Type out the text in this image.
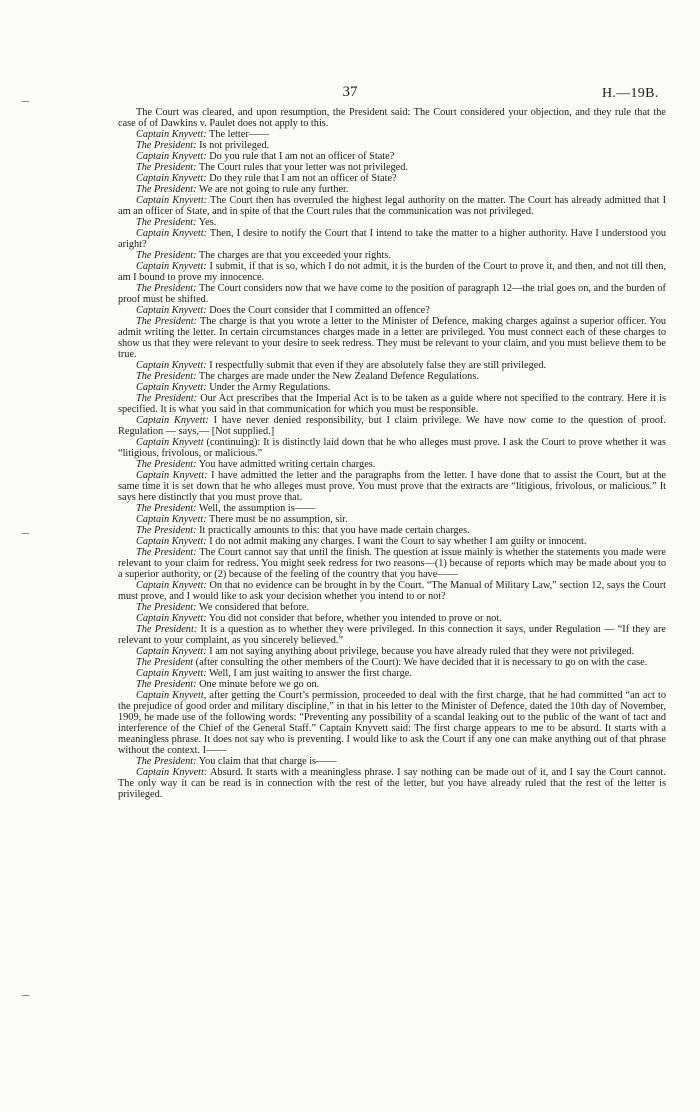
37	H.—19B.

The Court was cleared, and upon resumption, the President said: The Court considered your objection, and they rule that the case of of Dawkins v. Paulet does not apply to this.

Captain Knyvett: The letter——

The President: Is not privileged.

Captain Knyvett: Do you rule that I am not an officer of State?

The President: The Court rules that your letter was not privileged.

Captain Knyvett: Do they rule that I am not an officer of State?

The President: We are not going to rule any further.

Captain Knyvett: The Court then has overruled the highest legal authority on the matter. The Court has already admitted that I am an officer of State, and in spite of that the Court rules that the communication was not privileged.

The President: Yes.

Captain Knyvett: Then, I desire to notify the Court that I intend to take the matter to a higher authority. Have I understood you aright?

The President: The charges are that you exceeded your rights.

Captain Knyvett: I submit, if that is so, which I do not admit, it is the burden of the Court to prove it, and then, and not till then, am I bound to prove my innocence.

The President: The Court considers now that we have come to the position of paragraph 12—the trial goes on, and the burden of proof must be shifted.

Captain Knyvett: Does the Court consider that I committed an offence?

The President: The charge is that you wrote a letter to the Minister of Defence, making charges against a superior officer. You admit writing the letter. In certain circumstances charges made in a letter are privileged. You must connect each of these charges to show us that they were relevant to your desire to seek redress. They must be relevant to your claim, and you must believe them to be true.

Captain Knyvett: I respectfully submit that even if they are absolutely false they are still privileged.

The President: The charges are made under the New Zealand Defence Regulations.

Captain Knyvett: Under the Army Regulations.

The President: Our Act prescribes that the Imperial Act is to be taken as a guide where not specified to the contrary. Here it is specified. It is what you said in that communication for which you must be responsible.

Captain Knyvett: I have never denied responsibility, but I claim privilege. We have now come to the question of proof. Regulation — says,— [Not supplied.]

Captain Knyvett (continuing): It is distinctly laid down that he who alleges must prove. I ask the Court to prove whether it was “litigious, frivolous, or malicious.”

The President: You have admitted writing certain charges.

Captain Knyvett: I have admitted the letter and the paragraphs from the letter. I have done that to assist the Court, but at the same time it is set down that he who alleges must prove. You must prove that the extracts are “litigious, frivolous, or malicious.” It says here distinctly that you must prove that.

The President: Well, the assumption is——

Captain Knyvett: There must be no assumption, sir.

The President: It practically amounts to this: that you have made certain charges.

Captain Knyvett: I do not admit making any charges. I want the Court to say whether I am guilty or innocent.

The President: The Court cannot say that until the finish. The question at issue mainly is whether the statements you made were relevant to your claim for redress. You might seek redress for two reasons—(1) because of reports which may be made about you to a superior authority, or (2) because of the feeling of the country that you have——

Captain Knyvett: On that no evidence can be brought in by the Court. “The Manual of Military Law,” section 12, says the Court must prove, and I would like to ask your decision whether you intend to or not?

The President: We considered that before.

Captain Knyvett: You did not consider that before, whether you intended to prove or not.

The President: It is a question as to whether they were privileged. In this connection it says, under Regulation — “If they are relevant to your complaint, as you sincerely believed.”

Captain Knyvett: I am not saying anything about privilege, because you have already ruled that they were not privileged.

The President (after consulting the other members of the Court): We have decided that it is necessary to go on with the case.

Captain Knyvett: Well, I am just waiting to answer the first charge.

The President: One minute before we go on.

Captain Knyvett, after getting the Court’s permission, proceeded to deal with the first charge, that he had committed “an act to the prejudice of good order and military discipline,” in that in his letter to the Minister of Defence, dated the 10th day of November, 1909, he made use of the following words: “Preventing any possibility of a scandal leaking out to the public of the want of tact and interference of the Chief of the General Staff.” Captain Knyvett said: The first charge appears to me to be absurd. It starts with a meaningless phrase. It does not say who is preventing. I would like to ask the Court if any one can make anything out of that phrase without the context. I——

The President: You claim that that charge is——

Captain Knyvett: Absurd. It starts with a meaningless phrase. I say nothing can be made out of it, and I say the Court cannot. The only way it can be read is in connection with the rest of the letter, but you have already ruled that the rest of the letter is privileged.
